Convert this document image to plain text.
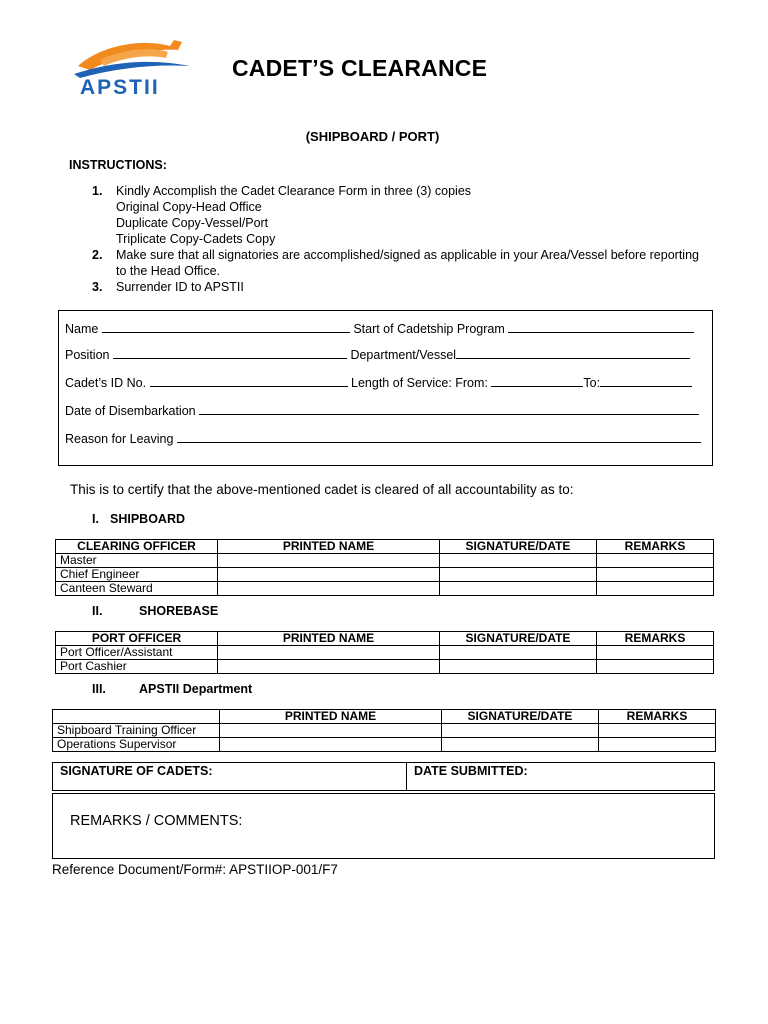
APSTII
CADET’S CLEARANCE
(SHIPBOARD / PORT)
INSTRUCTIONS:
1.	Kindly Accomplish the Cadet Clearance Form in three (3) copies
Original Copy-Head Office
Duplicate Copy-Vessel/Port
Triplicate Copy-Cadets Copy
2.	Make sure that all signatories are accomplished/signed as applicable in your Area/Vessel before reporting to the Head Office.
3.	Surrender ID to APSTII
Name	Start of Cadetship Program
Position	Department/Vessel
Cadet’s ID No.	Length of Service: From:	To:
Date of Disembarkation
Reason for Leaving
This is to certify that the above-mentioned cadet is cleared of all accountability as to:
I. SHIPBOARD
CLEARING OFFICER	PRINTED NAME	SIGNATURE/DATE	REMARKS
Master			
Chief Engineer			
Canteen Steward			
II.	SHOREBASE
PORT OFFICER	PRINTED NAME	SIGNATURE/DATE	REMARKS
Port Officer/Assistant			
Port Cashier			
III.	APSTII Department
	PRINTED NAME	SIGNATURE/DATE	REMARKS
Shipboard Training Officer			
Operations Supervisor			
SIGNATURE OF CADETS:	DATE SUBMITTED:
REMARKS / COMMENTS:
Reference Document/Form#: APSTIIOP-001/F7
